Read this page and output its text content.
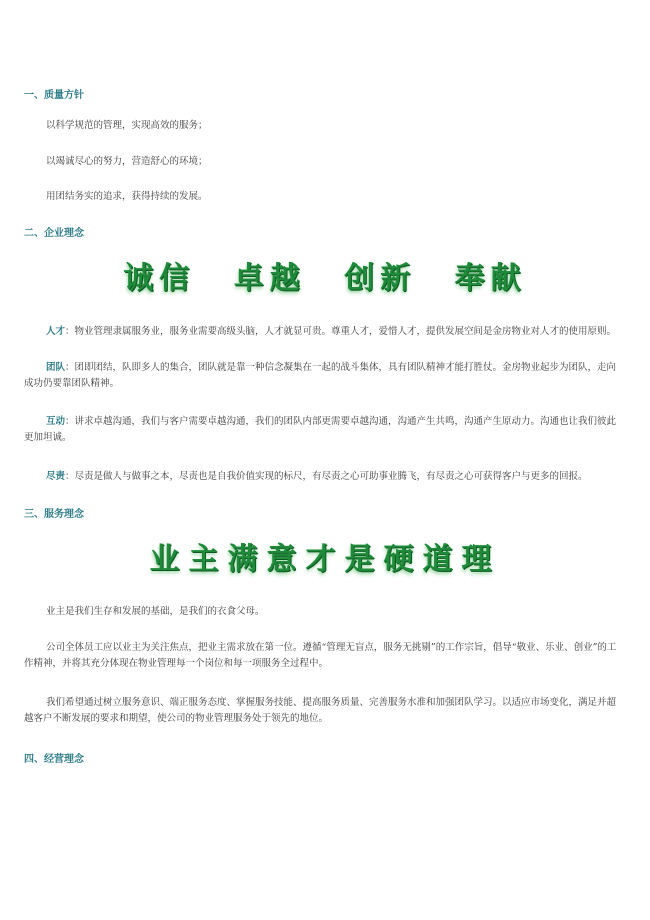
一、质量方针
以科学规范的管理，实现高效的服务；
以竭诚尽心的努力，营造舒心的环境；
用团结务实的追求，获得持续的发展。
二、企业理念
诚信 卓越 创新 奉献
人才：物业管理隶属服务业，服务业需要高级头脑，人才就显可贵。尊重人才，爱惜人才，提供发展空间是金房物业对人才的使用原则。
团队：团即团结，队即多人的集合，团队就是靠一种信念凝集在一起的战斗集体，具有团队精神才能打胜仗。金房物业起步为团队，走向成功仍要靠团队精神。
互动：讲求卓越沟通，我们与客户需要卓越沟通，我们的团队内部更需要卓越沟通，沟通产生共鸣，沟通产生原动力。沟通也让我们彼此更加坦诚。
尽责：尽责是做人与做事之本，尽责也是自我价值实现的标尺，有尽责之心可助事业腾飞，有尽责之心可获得客户与更多的回报。
三、服务理念
业主满意才是硬道理
业主是我们生存和发展的基础，是我们的衣食父母。
公司全体员工应以业主为关注焦点，把业主需求放在第一位。遵循“管理无盲点，服务无挑剔”的工作宗旨，倡导“敬业、乐业、创业”的工作精神，并将其充分体现在物业管理每一个岗位和每一项服务全过程中。
我们希望通过树立服务意识、端正服务态度、掌握服务技能、提高服务质量、完善服务水准和加强团队学习。以适应市场变化，满足并超越客户不断发展的要求和期望，使公司的物业管理服务处于领先的地位。
四、经营理念
